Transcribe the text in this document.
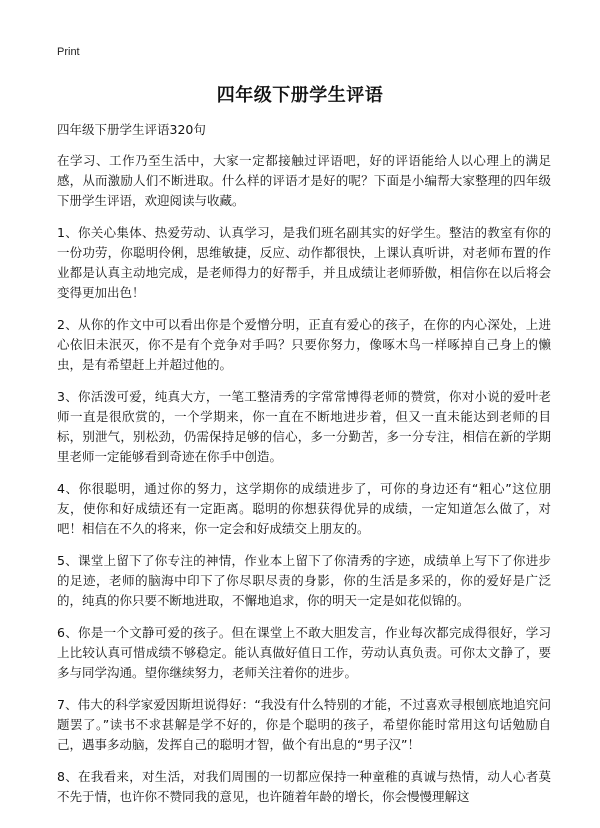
Print
四年级下册学生评语

四年级下册学生评语320句

在学习、工作乃至生活中，大家一定都接触过评语吧，好的评语能给人以心理上的满足感，从而激励人们不断进取。什么样的评语才是好的呢？下面是小编帮大家整理的四年级下册学生评语，欢迎阅读与收藏。

1、你关心集体、热爱劳动、认真学习，是我们班名副其实的好学生。整洁的教室有你的一份功劳，你聪明伶俐，思维敏捷，反应、动作都很快，上课认真听讲，对老师布置的作业都是认真主动地完成，是老师得力的好帮手，并且成绩让老师骄傲，相信你在以后将会变得更加出色！

2、从你的作文中可以看出你是个爱憎分明，正直有爱心的孩子，在你的内心深处，上进心依旧未泯灭，你不是有个竞争对手吗？只要你努力，像啄木鸟一样啄掉自己身上的懒虫，是有希望赶上并超过他的。

3、你活泼可爱，纯真大方，一笔工整清秀的字常常博得老师的赞赏，你对小说的爱叶老师一直是很欣赏的，一个学期来，你一直在不断地进步着，但又一直未能达到老师的目标，别泄气，别松劲，仍需保持足够的信心，多一分勤苦，多一分专注，相信在新的学期里老师一定能够看到奇迹在你手中创造。

4、你很聪明，通过你的努力，这学期你的成绩进步了，可你的身边还有“粗心”这位朋友，使你和好成绩还有一定距离。聪明的你想获得优异的成绩，一定知道怎么做了，对吧！相信在不久的将来，你一定会和好成绩交上朋友的。

5、课堂上留下了你专注的神情，作业本上留下了你清秀的字迹，成绩单上写下了你进步的足迹，老师的脑海中印下了你尽职尽责的身影，你的生活是多采的，你的爱好是广泛的，纯真的你只要不断地进取，不懈地追求，你的明天一定是如花似锦的。

6、你是一个文静可爱的孩子。但在课堂上不敢大胆发言，作业每次都完成得很好，学习上比较认真可惜成绩不够稳定。能认真做好值日工作，劳动认真负责。可你太文静了，要多与同学沟通。望你继续努力，老师关注着你的进步。

7、伟大的科学家爱因斯坦说得好：“我没有什么特别的才能，不过喜欢寻根刨底地追究问题罢了。”读书不求甚解是学不好的，你是个聪明的孩子，希望你能时常用这句话勉励自己，遇事多动脑，发挥自己的聪明才智，做个有出息的“男子汉”！

8、在我看来，对生活，对我们周围的一切都应保持一种童稚的真诚与热情，动人心者莫不先于情，也许你不赞同我的意见，也许随着年龄的增长，你会慢慢理解这
